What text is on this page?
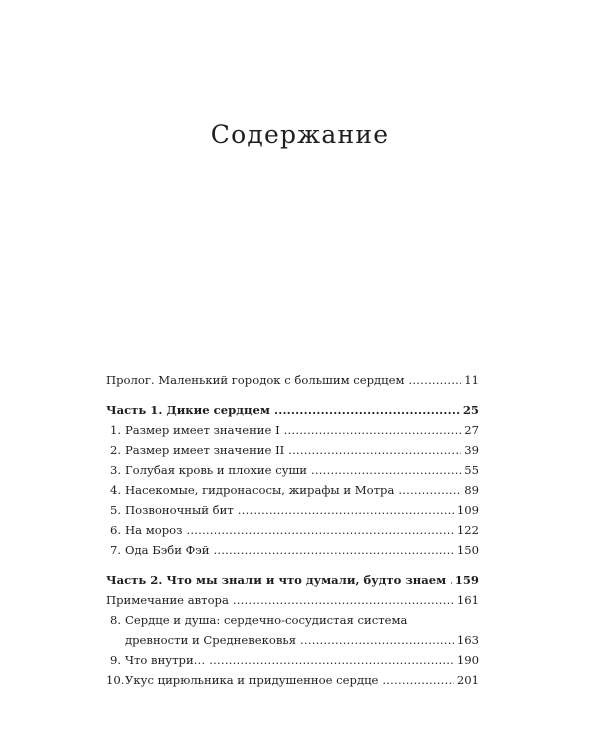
Содержание
Пролог. Маленький городок с большим сердцем .....	11
Часть 1. Дикие сердцем .....	25
1. Размер имеет значение I .....	27
2. Размер имеет значение II .....	39
3. Голубая кровь и плохие суши .....	55
4. Насекомые, гидронасосы, жирафы и Мотра .....	89
5. Позвоночный бит .....	109
6. На мороз .....	122
7. Ода Бэби Фэй .....	150
Часть 2. Что мы знали и что думали, будто знаем ..... 159
Примечание автора .....	161
8. Сердце и душа: сердечно-сосудистая система
древности и Средневековья .....	163
9. Что внутри… .....	190
10.Укус цирюльника и придушенное сердце .....	201
